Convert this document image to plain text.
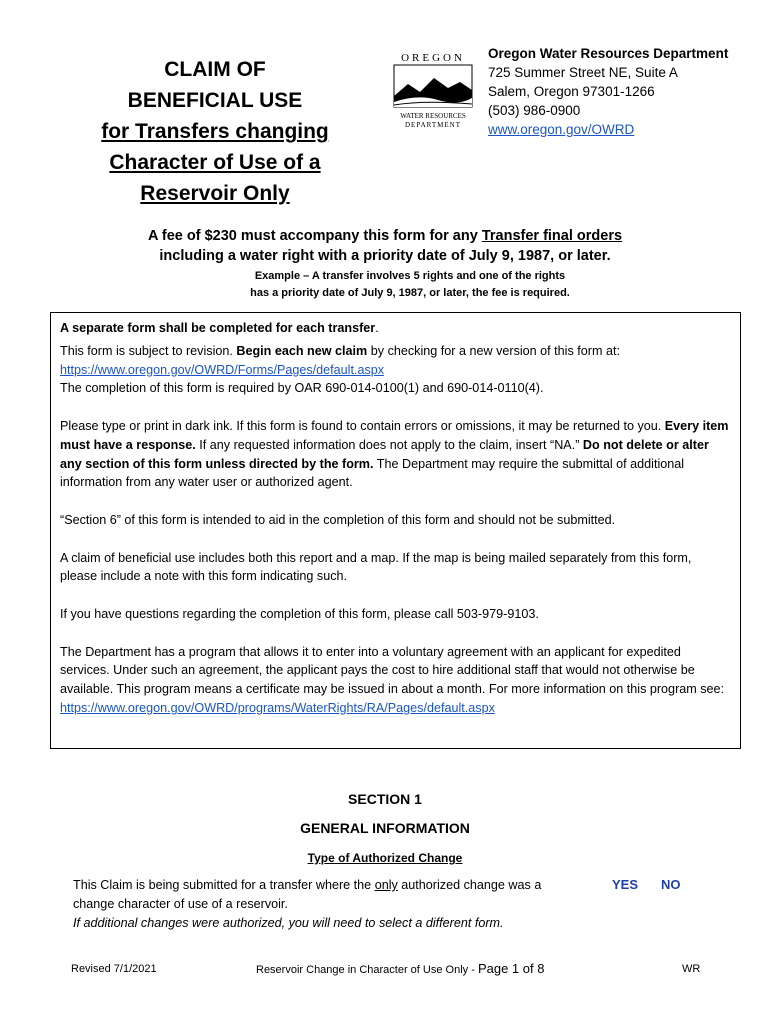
CLAIM OF
BENEFICIAL USE
for Transfers changing
Character of Use of a
Reservoir Only
OREGON
WATER RESOURCES
DEPARTMENT
Oregon Water Resources Department
725 Summer Street NE, Suite A
Salem, Oregon 97301-1266
(503) 986-0900
www.oregon.gov/OWRD
A fee of $230 must accompany this form for any Transfer final orders
including a water right with a priority date of July 9, 1987, or later.
Example – A transfer involves 5 rights and one of the rights
has a priority date of July 9, 1987, or later, the fee is required.

A separate form shall be completed for each transfer.

This form is subject to revision. Begin each new claim by checking for a new version of this form at:

https://www.oregon.gov/OWRD/Forms/Pages/default.aspx

The completion of this form is required by OAR 690-014-0100(1) and 690-014-0110(4).

Please type or print in dark ink. If this form is found to contain errors or omissions, it may be returned to you. Every item must have a response. If any requested information does not apply to the claim, insert “NA.” Do not delete or alter any section of this form unless directed by the form. The Department may require the submittal of additional information from any water user or authorized agent.

“Section 6” of this form is intended to aid in the completion of this form and should not be submitted.

A claim of beneficial use includes both this report and a map. If the map is being mailed separately from this form, please include a note with this form indicating such.

If you have questions regarding the completion of this form, please call 503-979-9103.

The Department has a program that allows it to enter into a voluntary agreement with an applicant for expedited services. Under such an agreement, the applicant pays the cost to hire additional staff that would not otherwise be available. This program means a certificate may be issued in about a month. For more information on this program see:

https://www.oregon.gov/OWRD/programs/WaterRights/RA/Pages/default.aspx

SECTION 1
GENERAL INFORMATION
Type of Authorized Change
This Claim is being submitted for a transfer where the only authorized change was a change character of use of a reservoir.
If additional changes were authorized, you will need to select a different form.
YES NO
Revised 7/1/2021	Reservoir Change in Character of Use Only - Page 1 of 8	WR
